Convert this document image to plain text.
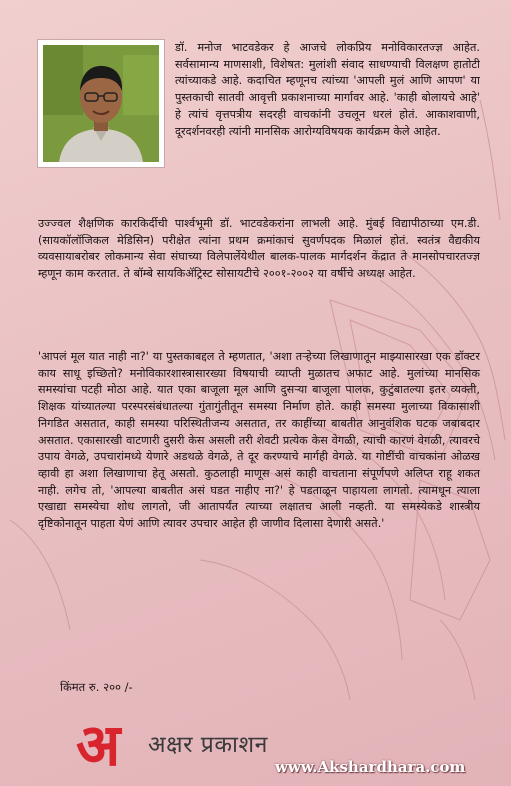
डॉ. मनोज भाटवडेकर हे आजचे लोकप्रिय मनोविकारतज्ज्ञ आहेत. सर्वसामान्य माणसाशी, विशेषत: मुलांशी संवाद साधण्याची विलक्षण हातोटी त्यांच्याकडे आहे. कदाचित म्हणूनच त्यांच्या 'आपली मुलं आणि आपण' या पुस्तकाची सातवी आवृत्ती प्रकाशनाच्या मार्गावर आहे. 'काही बोलायचे आहे' हे त्यांचं वृत्तपत्रीय सदरही वाचकांनी उचलून धरलं होतं. आकाशवाणी, दूरदर्शनवरही त्यांनी मानसिक आरोग्यविषयक कार्यक्रम केले आहेत.

उज्ज्वल शैक्षणिक कारकिर्दीची पार्श्वभूमी डॉ. भाटवडेकरांना लाभली आहे. मुंबई विद्यापीठाच्या एम.डी. (सायकॉलॉजिकल मेडिसिन) परीक्षेत त्यांना प्रथम क्रमांकाचं सुवर्णपदक मिळालं होतं. स्वतंत्र वैद्यकीय व्यवसायाबरोबर लोकमान्य सेवा संघाच्या विलेपार्लेयेथील बालक-पालक मार्गदर्शन केंद्रात ते मानसोपचारतज्ज्ञ म्हणून काम करतात. ते बॉम्बे सायकिॲट्रिस्ट सोसायटीचे २००१-२००२ या वर्षीचे अध्यक्ष आहेत.

'आपलं मूल यात नाही ना?' या पुस्तकाबद्दल ते म्हणतात, 'अशा तऱ्हेच्या लिखाणातून माझ्यासारखा एक डॉक्टर काय साधू इच्छितो? मनोविकारशास्त्रासारख्या विषयाची व्याप्ती मुळातच अफाट आहे. मुलांच्या मानसिक समस्यांचा पटही मोठा आहे. यात एका बाजूला मूल आणि दुसऱ्या बाजूला पालक, कुटुंबातल्या इतर व्यक्ती, शिक्षक यांच्यातल्या परस्परसंबंधातल्या गुंतागुंतीतून समस्या निर्माण होते. काही समस्या मुलाच्या विकासाशी निगडित असतात, काही समस्या परिस्थितीजन्य असतात, तर काहींच्या बाबतीत आनुवंशिक घटक जबाबदार असतात. एकासारखी वाटणारी दुसरी केस असली तरी शेवटी प्रत्येक केस वेगळी, त्याची कारणं वेगळी, त्यावरचे उपाय वेगळे, उपचारांमध्ये येणारे अडथळे वेगळे, ते दूर करण्याचे मार्गही वेगळे. या गोष्टींची वाचकांना ओळख व्हावी हा अशा लिखाणाचा हेतू असतो. कुठलाही माणूस असं काही वाचताना संपूर्णपणे अलिप्त राहू शकत नाही. लगेच तो, 'आपल्या बाबतीत असं घडत नाहीए ना?' हे पडताळून पाहायला लागतो. त्यामधून त्याला एखाद्या समस्येचा शोध लागतो, जी आतापर्यंत त्याच्या लक्षातच आली नव्हती. या समस्येकडे शास्त्रीय दृष्टिकोनातून पाहता येणं आणि त्यावर उपचार आहेत ही जाणीव दिलासा देणारी असते.'

किंमत रु. २०० /-
अ	अक्षर प्रकाशन
www.Akshardhara.com
